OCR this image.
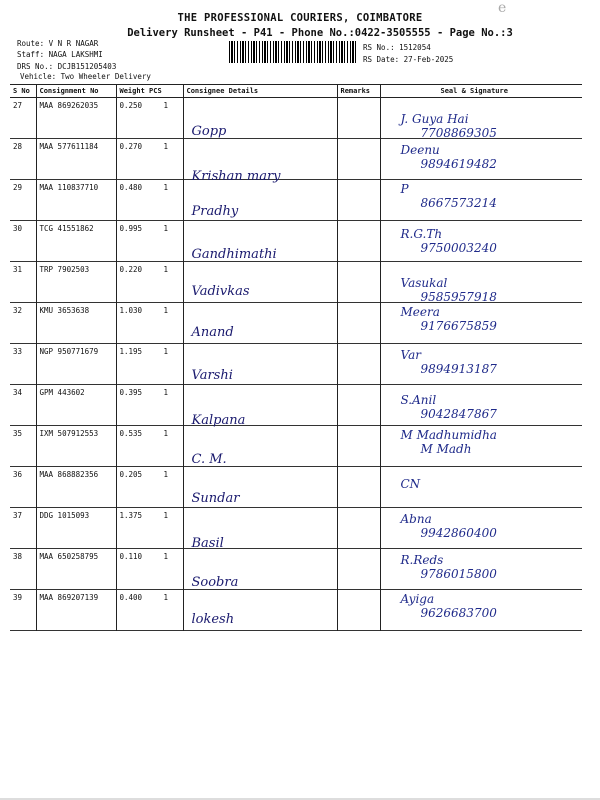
e
THE PROFESSIONAL COURIERS, COIMBATORE
Delivery Runsheet - P41 - Phone No.:0422-3505555 - Page No.:3
Route: V N R NAGAR
Staff: NAGA LAKSHMI
DRS No.: DCJB151205403
Vehicle: Two Wheeler Delivery
RS No.: 1512054
RS Date: 27-Feb-2025
S No	Consignment No	Weight PCS	Consignee Details	Remarks	Seal & Signature
27	MAA 869262035	0.250 1	Gopp		J. Guya Hai
7708869305

28	MAA 577611184	0.270 1	Krishan mary		Deenu
9894619482

29	MAA 110837710	0.480 1	Pradhy		P
8667573214

30	TCG 41551862	0.995 1	Gandhimathi		R.G.Th
9750003240

31	TRP 7902503	0.220 1	Vadivkas		Vasukal
9585957918

32	KMU 3653638	1.030 1	Anand		Meera
9176675859

33	NGP 950771679	1.195 1	Varshi		Var
9894913187

34	GPM 443602	0.395 1	Kalpana		S.Anil
9042847867

35	IXM 507912553	0.535 1	C. M.		M Madhumidha
M Madh

36	MAA 868882356	0.205 1	Sundar		CN

37	DDG 1015093	1.375 1	Basil		Abna
9942860400

38	MAA 650258795	0.110 1	Soobra		R.Reds
9786015800

39	MAA 869207139	0.400 1	lokesh		Ayiga
9626683700
